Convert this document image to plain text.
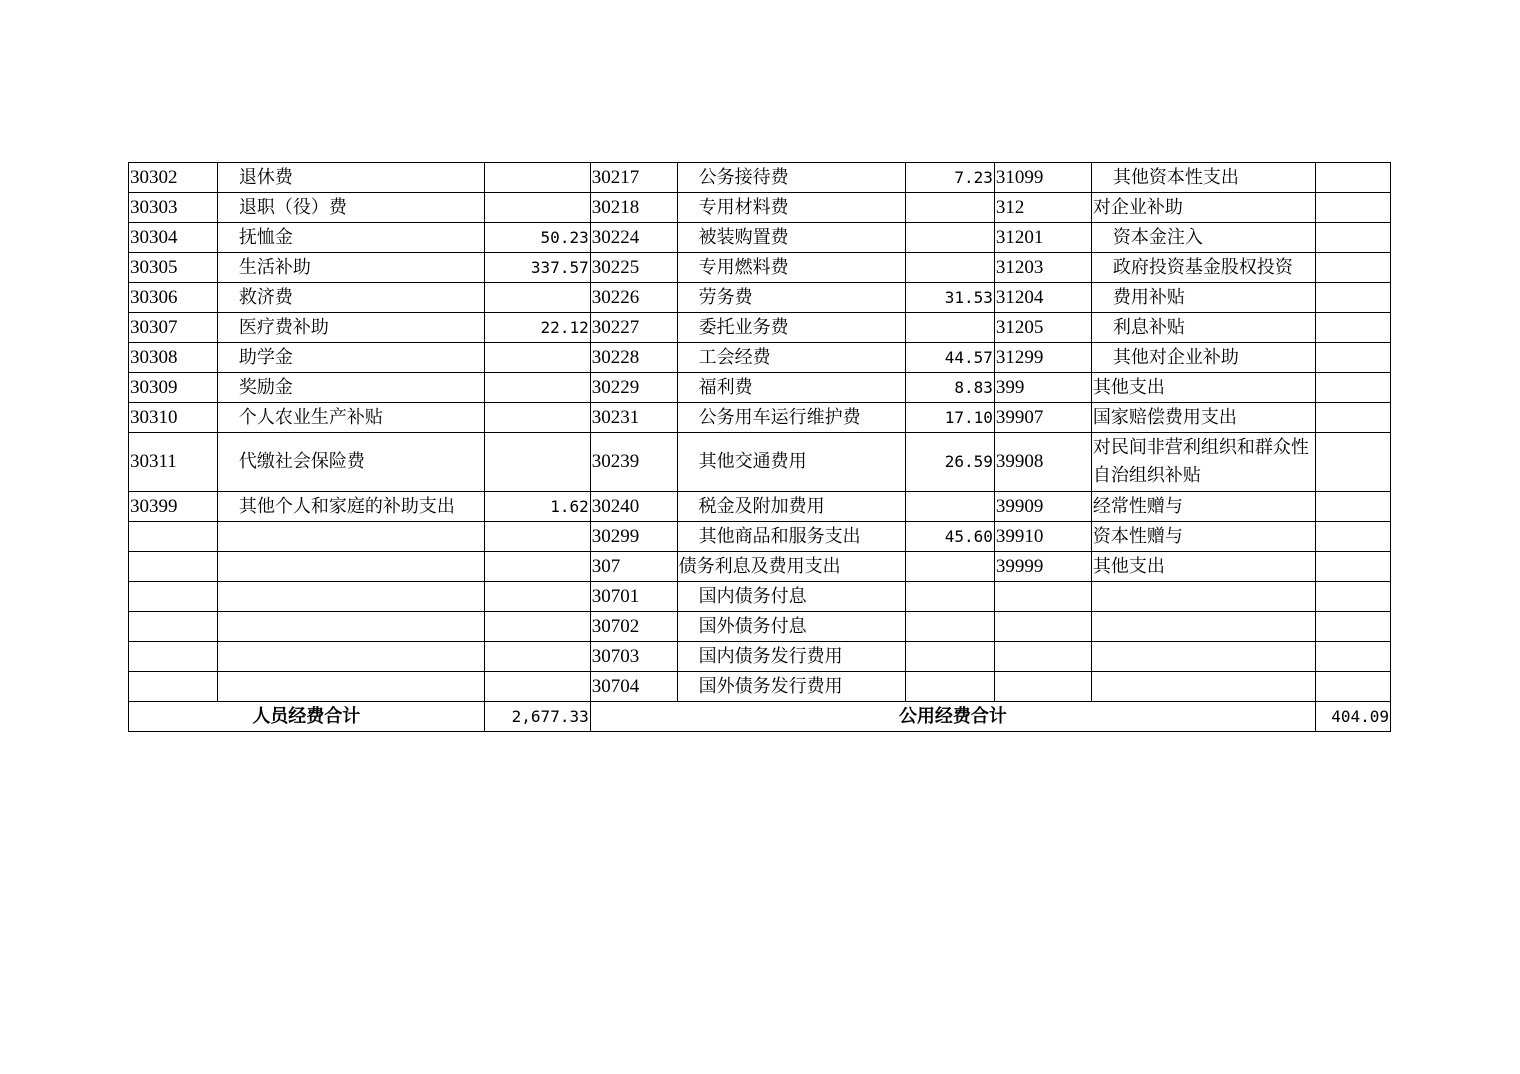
30302	退休费		30217	公务接待费	7.23	31099	其他资本性支出	
30303	退职（役）费		30218	专用材料费		312	对企业补助	
30304	抚恤金	50.23	30224	被装购置费		31201	资本金注入	
30305	生活补助	337.57	30225	专用燃料费		31203	政府投资基金股权投资	
30306	救济费		30226	劳务费	31.53	31204	费用补贴	
30307	医疗费补助	22.12	30227	委托业务费		31205	利息补贴	
30308	助学金		30228	工会经费	44.57	31299	其他对企业补助	
30309	奖励金		30229	福利费	8.83	399	其他支出	
30310	个人农业生产补贴		30231	公务用车运行维护费	17.10	39907	国家赔偿费用支出	
30311	代缴社会保险费		30239	其他交通费用	26.59	39908	对民间非营利组织和群众性自治组织补贴	
30399	其他个人和家庭的补助支出	1.62	30240	税金及附加费用		39909	经常性赠与	
			30299	其他商品和服务支出	45.60	39910	资本性赠与	
			307	债务利息及费用支出		39999	其他支出	
			30701	国内债务付息				
			30702	国外债务付息				
			30703	国内债务发行费用				
			30704	国外债务发行费用				
人员经费合计		2,677.33	公用经费合计					404.09
